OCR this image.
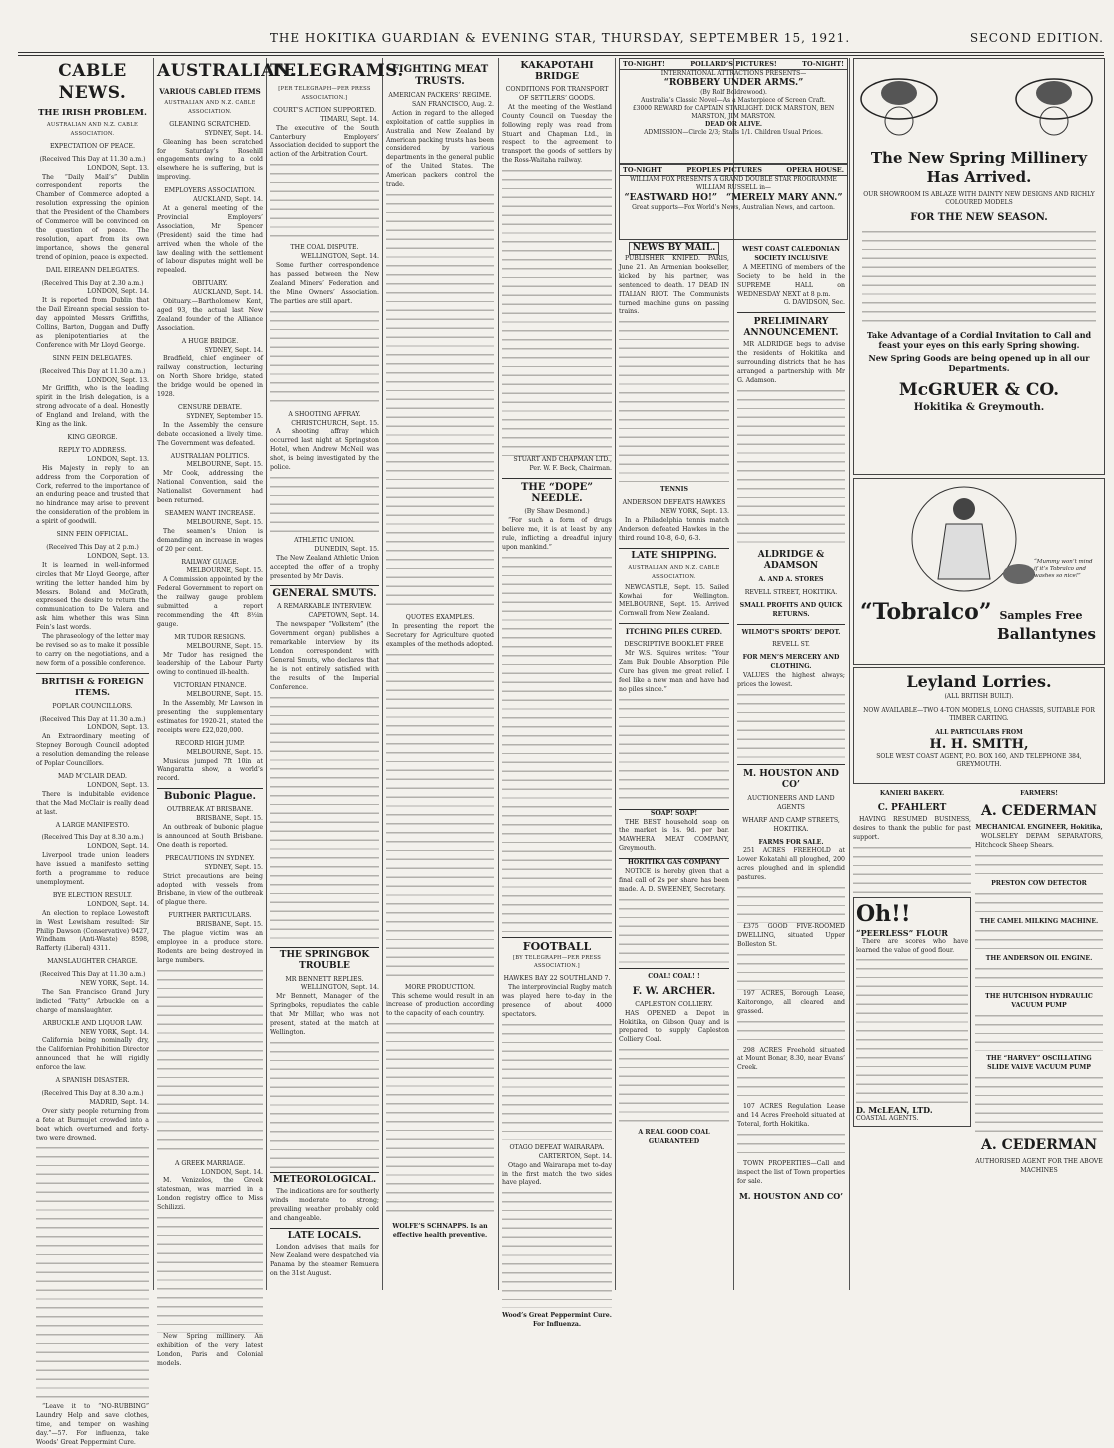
THE HOKITIKA GUARDIAN & EVENING STAR, THURSDAY, SEPTEMBER 15, 1921.	SECOND EDITION.
CABLE NEWS.
THE IRISH PROBLEM.
AUSTRALIAN AND N.Z. CABLE ASSOCIATION.
EXPECTATION OF PEACE.
(Received This Day at 11.30 a.m.)
LONDON, Sept. 13.
The “Daily Mail’s” Dublin correspondent reports the Chamber of Commerce adopted a resolution expressing the opinion that the President of the Chambers of Commerce will be convinced on the question of peace. The resolution, apart from its own importance, shows the general trend of opinion, peace is expected.
DAIL EIREANN DELEGATES.
(Received This Day at 2.30 a.m.)
LONDON, Sept. 14.
It is reported from Dublin that the Dail Eireann special session to-day appointed Messrs Griffiths, Collins, Barton, Duggan and Duffy as plenipotentiaries at the Conference with Mr Lloyd George.
SINN FEIN DELEGATES.
(Received This Day at 11.30 a.m.)
LONDON, Sept. 13.
Mr Griffith, who is the leading spirit in the Irish delegation, is a strong advocate of a deal. Honestly of England and Ireland, with the King as the link.
KING GEORGE.
REPLY TO ADDRESS.
LONDON, Sept. 13.
His Majesty in reply to an address from the Corporation of Cork, referred to the importance of an enduring peace and trusted that no hindrance may arise to prevent the consideration of the problem in a spirit of goodwill.
SINN FEIN OFFICIAL.
(Received This Day at 2 p.m.)
LONDON, Sept. 13.
It is learned in well-informed circles that Mr Lloyd George, after writing the letter handed him by Messrs. Boland and McGrath, expressed the desire to return the communication to De Valera and ask him whether this was Sinn Fein’s last words.
The phraseology of the letter may be revised so as to make it possible to carry on the negotiations, and a new form of a possible conference.
BRITISH & FOREIGN ITEMS.
POPLAR COUNCILLORS.
(Received This Day at 11.30 a.m.)
LONDON, Sept. 13.
An Extraordinary meeting of Stepney Borough Council adopted a resolution demanding the release of Poplar Councillors.
MAD M’CLAIR DEAD.
LONDON, Sept. 13.
There is indubitable evidence that the Mad McClair is really dead at last.
A LARGE MANIFESTO.
(Received This Day at 8.30 a.m.)
LONDON, Sept. 14.
Liverpool trade union leaders have issued a manifesto setting forth a programme to reduce unemployment.
BYE ELECTION RESULT.
LONDON, Sept. 14.
An election to replace Lowestoft in West Lewisham resulted: Sir Philip Dawson (Conservative) 9427, Windham (Anti-Waste) 8598, Rafferty (Liberal) 4311.
MANSLAUGHTER CHARGE.
(Received This Day at 11.30 a.m.)
NEW YORK, Sept. 14.
The San Francisco Grand Jury indicted “Fatty” Arbuckle on a charge of manslaughter.
ARBUCKLE AND LIQUOR LAW.
NEW YORK, Sept. 14.
California being nominally dry, the Californian Prohibition Director announced that he will rigidly enforce the law.
A SPANISH DISASTER.
(Received This Day at 8.30 a.m.)
MADRID, Sept. 14.
Over sixty people returning from a fete at Burmujet crowded into a boat which overturned and forty-two were drowned.
“Leave it to “NO-RUBBING” Laundry Help and save clothes, time, and temper on washing day.”—57. For influenza, take Woods’ Great Peppermint Cure.
AUSTRALIAN.
VARIOUS CABLED ITEMS
AUSTRALIAN AND N.Z. CABLE ASSOCIATION.
GLEANING SCRATCHED.
SYDNEY, Sept. 14.
Gleaning has been scratched for Saturday’s Rosehill engagements owing to a cold elsewhere he is suffering, but is improving.
EMPLOYERS ASSOCIATION.
AUCKLAND, Sept. 14.
At a general meeting of the Provincial Employers’ Association, Mr Spencer (President) said the time had arrived when the whole of the law dealing with the settlement of labour disputes might well be repealed.
OBITUARY.
AUCKLAND, Sept. 14.
Obituary.—Bartholomew Kent, aged 93, the actual last New Zealand founder of the Alliance Association.
A HUGE BRIDGE.
SYDNEY, Sept. 14.
Bradfield, chief engineer of railway construction, lecturing on North Shore bridge, stated the bridge would be opened in 1928.
CENSURE DEBATE.
SYDNEY, September 15.
In the Assembly the censure debate occasioned a lively time. The Government was defeated.
AUSTRALIAN POLITICS.
MELBOURNE, Sept. 15.
Mr Cook, addressing the National Convention, said the Nationalist Government had been returned.
SEAMEN WANT INCREASE.
MELBOURNE, Sept. 15.
The seamen’s Union is demanding an increase in wages of 20 per cent.
RAILWAY GUAGE.
MELBOURNE, Sept. 15.
A Commission appointed by the Federal Government to report on the railway gauge problem submitted a report recommending the 4ft 8½in gauge.
MR TUDOR RESIGNS.
MELBOURNE, Sept. 15.
Mr Tudor has resigned the leadership of the Labour Party owing to continued ill-health.
VICTORIAN FINANCE.
MELBOURNE, Sept. 15.
In the Assembly, Mr Lawson in presenting the supplementary estimates for 1920-21, stated the receipts were £22,020,000.
RECORD HIGH JUMP.
MELBOURNE, Sept. 15.
Musicus jumped 7ft 10in at Wangaratta show, a world’s record.
Bubonic Plague.
OUTBREAK AT BRISBANE.
BRISBANE, Sept. 15.
An outbreak of bubonic plague is announced at South Brisbane. One death is reported.
PRECAUTIONS IN SYDNEY.
SYDNEY, Sept. 15.
Strict precautions are being adopted with vessels from Brisbane, in view of the outbreak of plague there.
FURTHER PARTICULARS.
BRISBANE, Sept. 15.
The plague victim was an employee in a produce store. Rodents are being destroyed in large numbers.
A GREEK MARRIAGE.
LONDON, Sept. 14.
M. Venizelos, the Greek statesman, was married in a London registry office to Miss Schilizzi.
New Spring millinery. An exhibition of the very latest London, Paris and Colonial models.
TELEGRAMS.
[PER TELEGRAPH—PER PRESS ASSOCIATION.]
COURT’S ACTION SUPPORTED.
TIMARU, Sept. 14.
The executive of the South Canterbury Employers’ Association decided to support the action of the Arbitration Court.
THE COAL DISPUTE.
WELLINGTON, Sept. 14.
Some further correspondence has passed between the New Zealand Miners’ Federation and the Mine Owners’ Association. The parties are still apart.
A SHOOTING AFFRAY.
CHRISTCHURCH, Sept. 15.
A shooting affray which occurred last night at Springston Hotel, when Andrew McNeil was shot, is being investigated by the police.
ATHLETIC UNION.
DUNEDIN, Sept. 15.
The New Zealand Athletic Union accepted the offer of a trophy presented by Mr Davis.
GENERAL SMUTS.
A REMARKABLE INTERVIEW.
CAPETOWN, Sept. 14.
The newspaper “Volkstem” (the Government organ) publishes a remarkable interview by its London correspondent with General Smuts, who declares that he is not entirely satisfied with the results of the Imperial Conference.
THE SPRINGBOK TROUBLE
MR BENNETT REPLIES.
WELLINGTON, Sept. 14.
Mr Bennett, Manager of the Springboks, repudiates the cable that Mr Millar, who was not present, stated at the match at Wellington.
METEOROLOGICAL.
The indications are for southerly winds moderate to strong; prevailing weather probably cold and changeable.
LATE LOCALS.
London advises that mails for New Zealand were despatched via Panama by the steamer Remuera on the 31st August.
FIGHTING MEAT TRUSTS.
AMERICAN PACKERS’ REGIME.
SAN FRANCISCO, Aug. 2.
Action in regard to the alleged exploitation of cattle supplies in Australia and New Zealand by American packing trusts has been considered by various departments in the general public of the United States. The American packers control the trade.
QUOTES EXAMPLES.
In presenting the report the Secretary for Agriculture quoted examples of the methods adopted.
MORE PRODUCTION.
This scheme would result in an increase of production according to the capacity of each country.
WOLFE’S SCHNAPPS. Is an effective health preventive.
KAKAPOTAHI BRIDGE
CONDITIONS FOR TRANSPORT OF SETTLERS’ GOODS.
At the meeting of the Westland County Council on Tuesday the following reply was read from Stuart and Chapman Ltd., in respect to the agreement to transport the goods of settlers by the Ross-Waitaha railway.
STUART AND CHAPMAN LTD., Per. W. F. Beck, Chairman.
THE “DOPE” NEEDLE.
(By Shaw Desmond.)
“For such a form of drugs believe me, it is at least by any rule, inflicting a dreadful injury upon mankind.”
FOOTBALL
[BY TELEGRAPH—PER PRESS ASSOCIATION.]
HAWKES BAY 22 SOUTHLAND 7.
The interprovincial Rugby match was played here to-day in the presence of about 4000 spectators.
OTAGO DEFEAT WAIRARAPA.
CARTERTON, Sept. 14.
Otago and Wairarapa met to-day in the first match the two sides have played.
Wood’s Great Peppermint Cure. For Influenza.
TO-NIGHT!	POLLARD’S PICTURES!	TO-NIGHT!
INTERNATIONAL ATTRACTIONS PRESENTS—
“ROBBERY UNDER ARMS.”
(By Rolf Boldrewood).
Australia’s Classic Novel—As a Masterpiece of Screen Craft.
£3000 REWARD for CAPTAIN STARLIGHT. DICK MARSTON, BEN MARSTON, JIM MARSTON.
DEAD OR ALIVE.
ADMISSION—Circle 2/3; Stalls 1/1. Children Usual Prices.
TO-NIGHT	PEOPLES PICTURES	OPERA HOUSE.
WILLIAM FOX PRESENTS A GRAND DOUBLE STAR PROGRAMME
WILLIAM RUSSELL in—
“EASTWARD HO!” “MERELY MARY ANN.”
Great supports—Fox World’s News, Australian News, and cartoon.
NEWS BY MAIL.
PUBLISHER KNIFED. PARIS, June 21. An Armenian bookseller, kicked by his partner, was sentenced to death. 17 DEAD IN ITALIAN RIOT. The Communists turned machine guns on passing trains.
TENNIS
ANDERSON DEFEATS HAWKES
NEW YORK, Sept. 13.
In a Philadelphia tennis match Anderson defeated Hawkes in the third round 10-8, 6-0, 6-3.
LATE SHIPPING.
AUSTRALIAN AND N.Z. CABLE ASSOCIATION.
NEWCASTLE, Sept. 15. Sailed Kowhai for Wellington. MELBOURNE, Sept. 15. Arrived Cornwall from New Zealand.
ITCHING PILES CURED.
DESCRIPTIVE BOOKLET FREE
Mr W.S. Squires writes: “Your Zam Buk Double Absorption Pile Cure has given me great relief. I feel like a new man and have had no piles since.”
SOAP! SOAP!
THE BEST household soap on the market is 1s. 9d. per bar. MAWHERA MEAT COMPANY, Greymouth.
HOKITIKA GAS COMPANY
NOTICE is hereby given that a final call of 2s per share has been made. A. D. SWEENEY, Secretary.
COAL! COAL! !
F. W. ARCHER.
CAPLESTON COLLIERY.
HAS OPENED a Depot in Hokitika, on Gibson Quay and is prepared to supply Capleston Colliery Coal.
A REAL GOOD COAL GUARANTEED
WEST COAST CALEDONIAN SOCIETY INCLUSIVE
A MEETING of members of the Society to be held in the SUPREME HALL on WEDNESDAY NEXT at 8 p.m.
G. DAVIDSON, Sec.
PRELIMINARY ANNOUNCEMENT.
MR ALDRIDGE begs to advise the residents of Hokitika and surrounding districts that he has arranged a partnership with Mr G. Adamson.
ALDRIDGE & ADAMSON
A. AND A. STORES
REVELL STREET, HOKITIKA.
SMALL PROFITS AND QUICK RETURNS.
WILMOT’S SPORTS’ DEPOT.
REVELL ST.
FOR MEN’S MERCERY AND CLOTHING.
VALUES the highest always; prices the lowest.
M. HOUSTON AND CO’
AUCTIONEERS AND LAND AGENTS
WHARF AND CAMP STREETS, HOKITIKA.
FARMS FOR SALE.
251 ACRES FREEHOLD at Lower Kokatahi all ploughed, 200 acres ploughed and in splendid pastures.
£375 GOOD FIVE-ROOMED DWELLING, situated Upper Bolleston St.
197 ACRES, Borough Lease, Kaitorongo, all cleared and grassed.
298 ACRES Freehold situated at Mount Bonar, 8.30, near Evans’ Creek.
107 ACRES Regulation Lease and 14 Acres Freehold situated at Toteral, forth Hokitika.
TOWN PROPERTIES—Call and inspect the list of Town properties for sale.
M. HOUSTON AND CO’
The New Spring Millinery Has Arrived.
OUR SHOWROOM IS ABLAZE WITH DAINTY NEW DESIGNS AND RICHLY COLOURED MODELS
FOR THE NEW SEASON.
Take Advantage of a Cordial Invitation to Call and feast your eyes on this early Spring showing.
New Spring Goods are being opened up in all our Departments.
McGRUER & CO.
Hokitika & Greymouth.
“Mummy won’t mind if it’s Tobralco and washes so nice!”
“Tobralco” Samples Free
Ballantynes
Leyland Lorries.
(ALL BRITISH BUILT).
NOW AVAILABLE—TWO 4-TON MODELS, LONG CHASSIS, SUITABLE FOR TIMBER CARTING.
ALL PARTICULARS FROM
H. H. SMITH,
SOLE WEST COAST AGENT, P.O. BOX 160, AND TELEPHONE 384, GREYMOUTH.
KANIERI BAKERY.
C. PFAHLERT
HAVING RESUMED BUSINESS, desires to thank the public for past support.
Oh!!
“PEERLESS” FLOUR
There are scores who have learned the value of good flour.
D. McLEAN, LTD.
COASTAL AGENTS.
FARMERS!
A. CEDERMAN
MECHANICAL ENGINEER, Hokitika,
WOLSELEY DEPAM SEPARATORS, Hitchcock Sheep Shears.
PRESTON COW DETECTOR
THE CAMEL MILKING MACHINE.
THE ANDERSON OIL ENGINE.
THE HUTCHISON HYDRAULIC VACUUM PUMP
THE “HARVEY” OSCILLATING SLIDE VALVE VACUUM PUMP
A. CEDERMAN
AUTHORISED AGENT FOR THE ABOVE MACHINES
